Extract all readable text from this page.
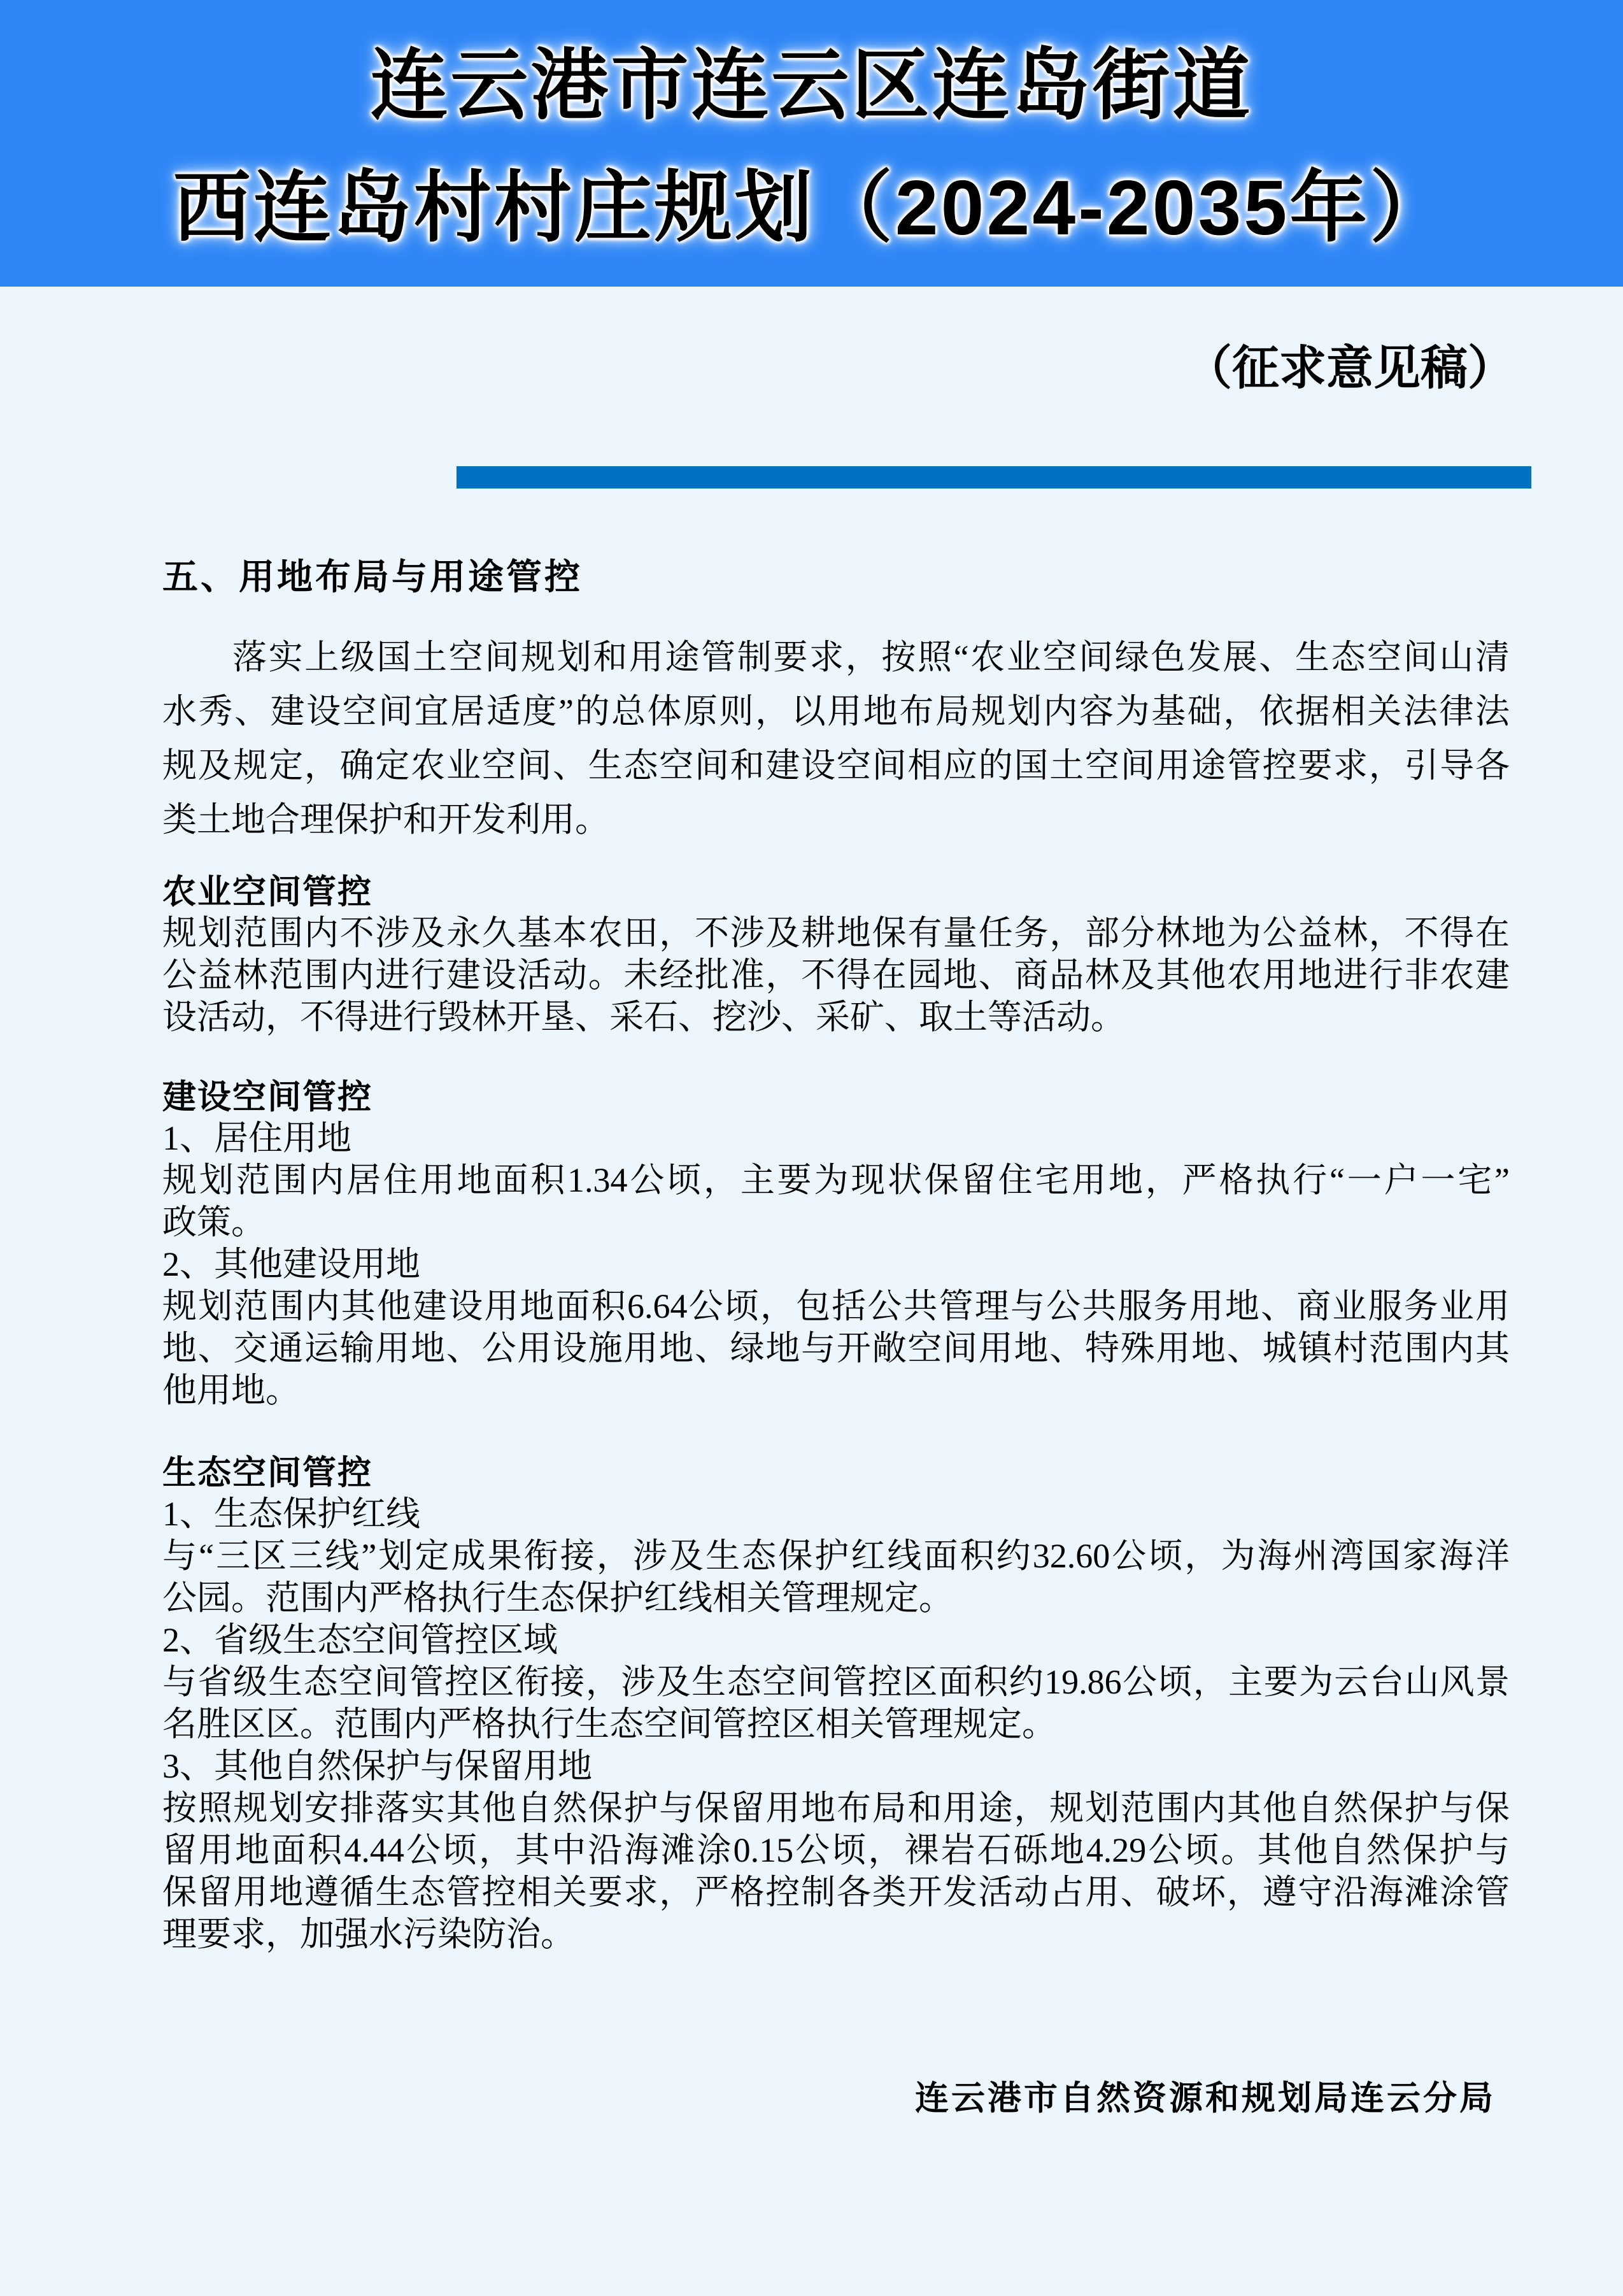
连云港市连云区连岛街道
西连岛村村庄规划（2024-2035年）
（征求意见稿）
五、用地布局与用途管控
落实上级国土空间规划和用途管制要求，按照“农业空间绿色发展、生态空间山清
水秀、建设空间宜居适度”的总体原则，以用地布局规划内容为基础，依据相关法律法
规及规定，确定农业空间、生态空间和建设空间相应的国土空间用途管控要求，引导各
类土地合理保护和开发利用。
农业空间管控
规划范围内不涉及永久基本农田，不涉及耕地保有量任务，部分林地为公益林，不得在
公益林范围内进行建设活动。未经批准，不得在园地、商品林及其他农用地进行非农建
设活动，不得进行毁林开垦、采石、挖沙、采矿、取土等活动。
建设空间管控
1、居住用地
规划范围内居住用地面积1.34公顷，主要为现状保留住宅用地，严格执行“一户一宅”
政策。
2、其他建设用地
规划范围内其他建设用地面积6.64公顷，包括公共管理与公共服务用地、商业服务业用
地、交通运输用地、公用设施用地、绿地与开敞空间用地、特殊用地、城镇村范围内其
他用地。
生态空间管控
1、生态保护红线
与“三区三线”划定成果衔接，涉及生态保护红线面积约32.60公顷，为海州湾国家海洋
公园。范围内严格执行生态保护红线相关管理规定。
2、省级生态空间管控区域
与省级生态空间管控区衔接，涉及生态空间管控区面积约19.86公顷，主要为云台山风景
名胜区区。范围内严格执行生态空间管控区相关管理规定。
3、其他自然保护与保留用地
按照规划安排落实其他自然保护与保留用地布局和用途，规划范围内其他自然保护与保
留用地面积4.44公顷，其中沿海滩涂0.15公顷，裸岩石砾地4.29公顷。其他自然保护与
保留用地遵循生态管控相关要求，严格控制各类开发活动占用、破坏，遵守沿海滩涂管
理要求，加强水污染防治。
连云港市自然资源和规划局连云分局
